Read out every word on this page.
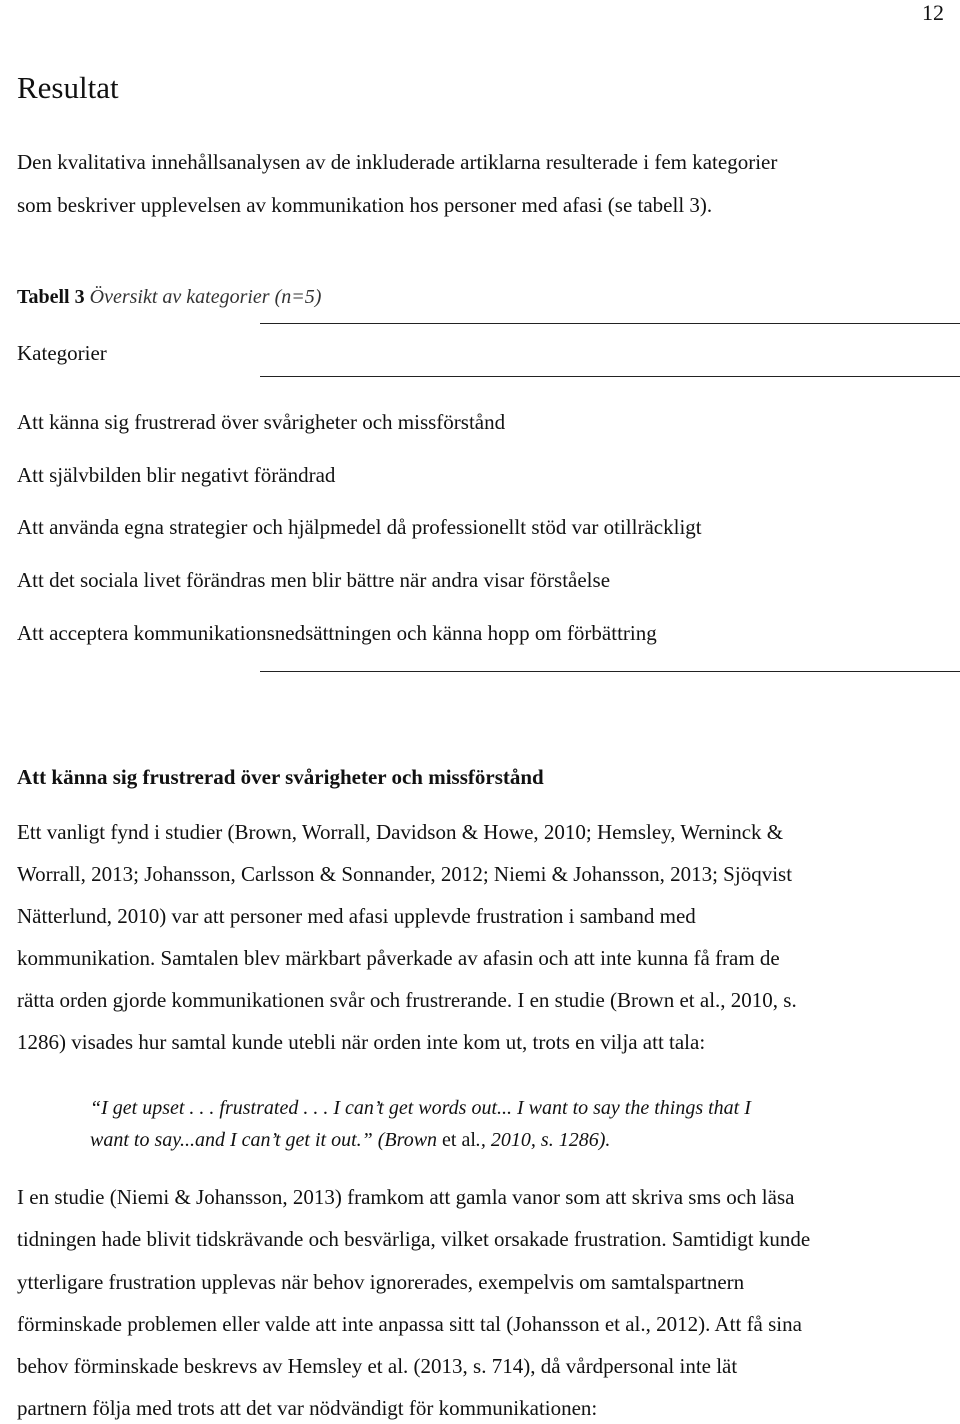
12
Resultat
Den kvalitativa innehållsanalysen av de inkluderade artiklarna resulterade i fem kategorier
som beskriver upplevelsen av kommunikation hos personer med afasi (se tabell 3).
Tabell 3 Översikt av kategorier (n=5)
Kategorier
Att känna sig frustrerad över svårigheter och missförstånd
Att självbilden blir negativt förändrad
Att använda egna strategier och hjälpmedel då professionellt stöd var otillräckligt
Att det sociala livet förändras men blir bättre när andra visar förståelse
Att acceptera kommunikationsnedsättningen och känna hopp om förbättring
Att känna sig frustrerad över svårigheter och missförstånd
Ett vanligt fynd i studier (Brown, Worrall, Davidson & Howe, 2010; Hemsley, Werninck &
Worrall, 2013; Johansson, Carlsson & Sonnander, 2012; Niemi & Johansson, 2013; Sjöqvist
Nätterlund, 2010) var att personer med afasi upplevde frustration i samband med
kommunikation. Samtalen blev märkbart påverkade av afasin och att inte kunna få fram de
rätta orden gjorde kommunikationen svår och frustrerande. I en studie (Brown et al., 2010, s.
1286) visades hur samtal kunde utebli när orden inte kom ut, trots en vilja att tala:
“I get upset . . . frustrated . . . I can’t get words out... I want to say the things that I
want to say...and I can’t get it out.” (Brown et al., 2010, s. 1286).
I en studie (Niemi & Johansson, 2013) framkom att gamla vanor som att skriva sms och läsa
tidningen hade blivit tidskrävande och besvärliga, vilket orsakade frustration. Samtidigt kunde
ytterligare frustration upplevas när behov ignorerades, exempelvis om samtalspartnern
förminskade problemen eller valde att inte anpassa sitt tal (Johansson et al., 2012). Att få sina
behov förminskade beskrevs av Hemsley et al. (2013, s. 714), då vårdpersonal inte lät
partnern följa med trots att det var nödvändigt för kommunikationen:
